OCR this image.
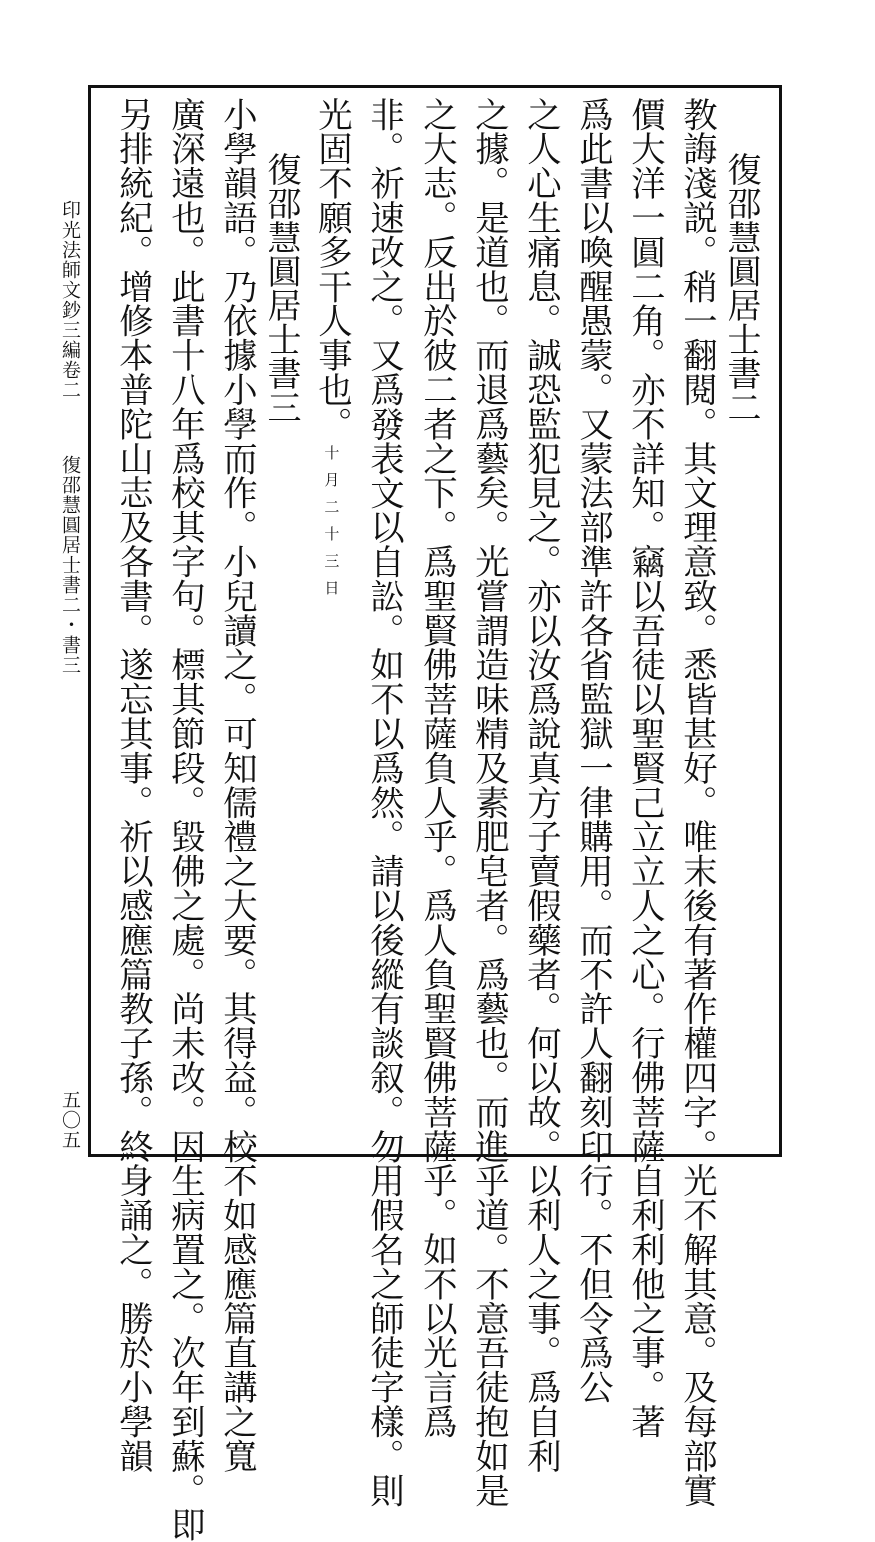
復邵慧圓居士書二
教誨淺説。稍一翻閱。其文理意致。悉皆甚好。唯末後有著作權四字。光不解其意。及每部實
價大洋一圓二角。亦不詳知。竊以吾徒以聖賢己立立人之心。行佛菩薩自利利他之事。著
爲此書以喚醒愚蒙。又蒙法部準許各省監獄一律購用。而不許人翻刻印行。不但令爲公
之人心生痛息。誠恐監犯見之。亦以汝爲說真方子賣假藥者。何以故。以利人之事。爲自利
之據。是道也。而退爲藝矣。光嘗謂造味精及素肥皂者。爲藝也。而進乎道。不意吾徒抱如是
之大志。反出於彼二者之下。爲聖賢佛菩薩負人乎。爲人負聖賢佛菩薩乎。如不以光言爲
非。祈速改之。又爲發表文以自訟。如不以爲然。請以後縱有談叙。勿用假名之師徒字樣。則
光固不願多干人事也。十月二十三日
復邵慧圓居士書三
小學韻語。乃依據小學而作。小兒讀之。可知儒禮之大要。其得益。校不如感應篇直講之寬
廣深遠也。此書十八年爲校其字句。標其節段。毀佛之處。尚未改。因生病置之。次年到蘇。即
另排統紀。增修本普陀山志及各書。遂忘其事。祈以感應篇教子孫。終身誦之。勝於小學韻
印光法師文鈔三編卷二
復邵慧圓居士書二・書三
五〇五
